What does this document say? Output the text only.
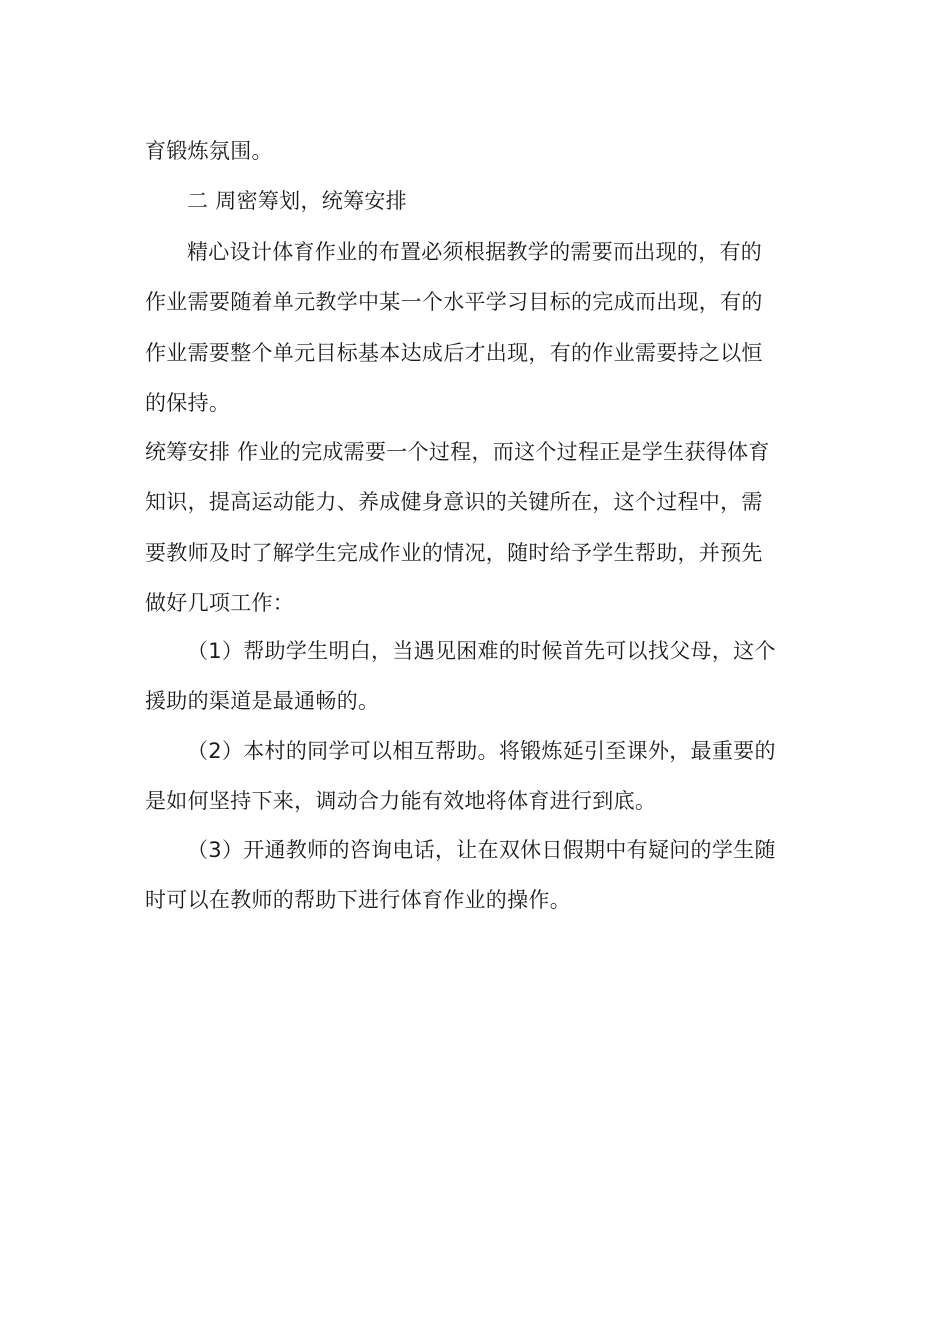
育锻炼氛围。
二 周密筹划，统筹安排
精心设计体育作业的布置必须根据教学的需要而出现的，有的
作业需要随着单元教学中某一个水平学习目标的完成而出现，有的
作业需要整个单元目标基本达成后才出现，有的作业需要持之以恒
的保持。
统筹安排 作业的完成需要一个过程，而这个过程正是学生获得体育
知识，提高运动能力、养成健身意识的关键所在，这个过程中，需
要教师及时了解学生完成作业的情况，随时给予学生帮助，并预先
做好几项工作：
（1）帮助学生明白，当遇见困难的时候首先可以找父母，这个
援助的渠道是最通畅的。
（2）本村的同学可以相互帮助。将锻炼延引至课外，最重要的
是如何坚持下来，调动合力能有效地将体育进行到底。
（3）开通教师的咨询电话，让在双休日假期中有疑问的学生随
时可以在教师的帮助下进行体育作业的操作。
